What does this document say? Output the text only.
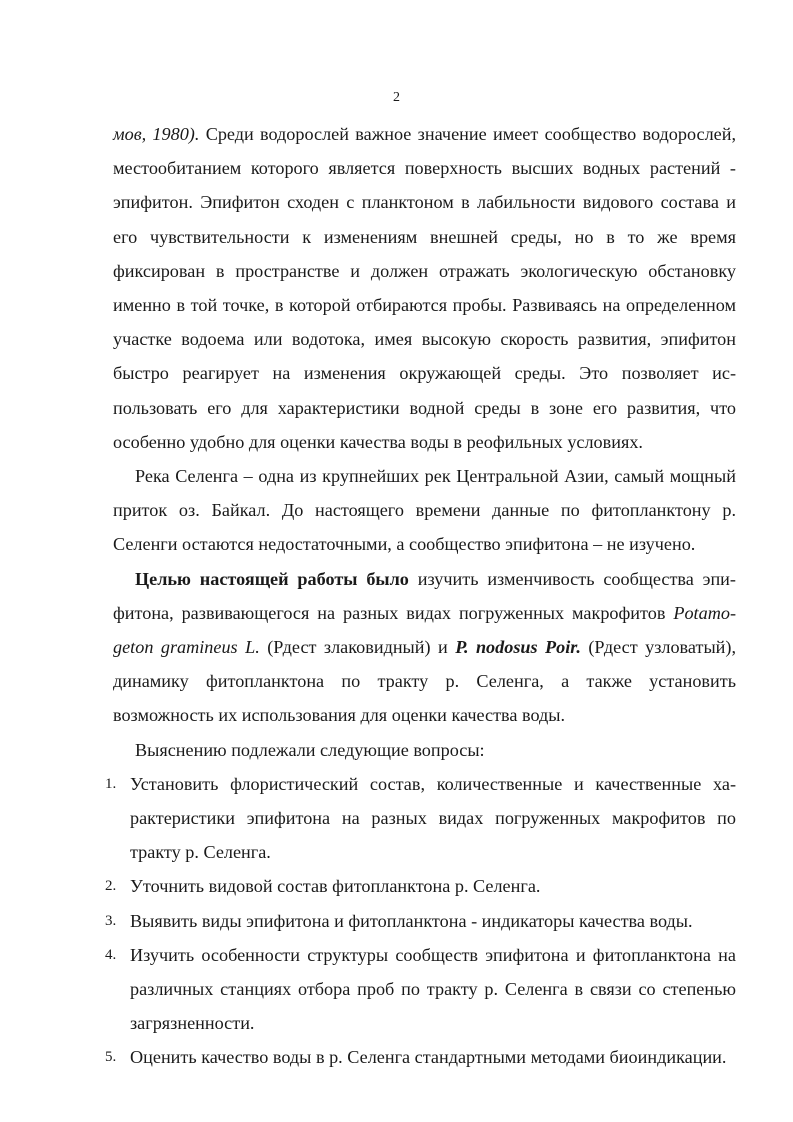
2

мов, 1980). Среди водорослей важное значение имеет сообщество водорослей, местообитанием которого является поверхность высших водных растений - эпифитон. Эпифитон сходен с планктоном в лабильности видового состава и его чувствительности к изменениям внешней среды, но в то же время фиксирован в пространстве и должен отражать экологическую обстановку именно в той точке, в которой отбираются пробы. Развиваясь на определенном участке водоема или водотока, имея высокую скорость развития, эпифитон быстро реагирует на изменения окружающей среды. Это позволяет использовать его для характеристики водной среды в зоне его развития, что особенно удобно для оценки качества воды в реофильных условиях.

Река Селенга – одна из крупнейших рек Центральной Азии, самый мощный приток оз. Байкал. До настоящего времени данные по фитопланктону р. Селенги остаются недостаточными, а сообщество эпифитона – не изучено.

Целью настоящей работы было изучить изменчивость сообщества эпифитона, развивающегося на разных видах погруженных макрофитов Potamogeton gramineus L. (Рдест злаковидный) и P. nodosus Poir. (Рдест узловатый), динамику фитопланктона по тракту р. Селенга, а также установить возможность их использования для оценки качества воды.

Выяснению подлежали следующие вопросы:

1. Установить флористический состав, количественные и качественные характеристики эпифитона на разных видах погруженных макрофитов по тракту р. Селенга.
2. Уточнить видовой состав фитопланктона р. Селенга.
3. Выявить виды эпифитона и фитопланктона - индикаторы качества воды.
4. Изучить особенности структуры сообществ эпифитона и фитопланктона на различных станциях отбора проб по тракту р. Селенга в связи со степенью загрязненности.
5. Оценить качество воды в р. Селенга стандартными методами биоиндикации.
